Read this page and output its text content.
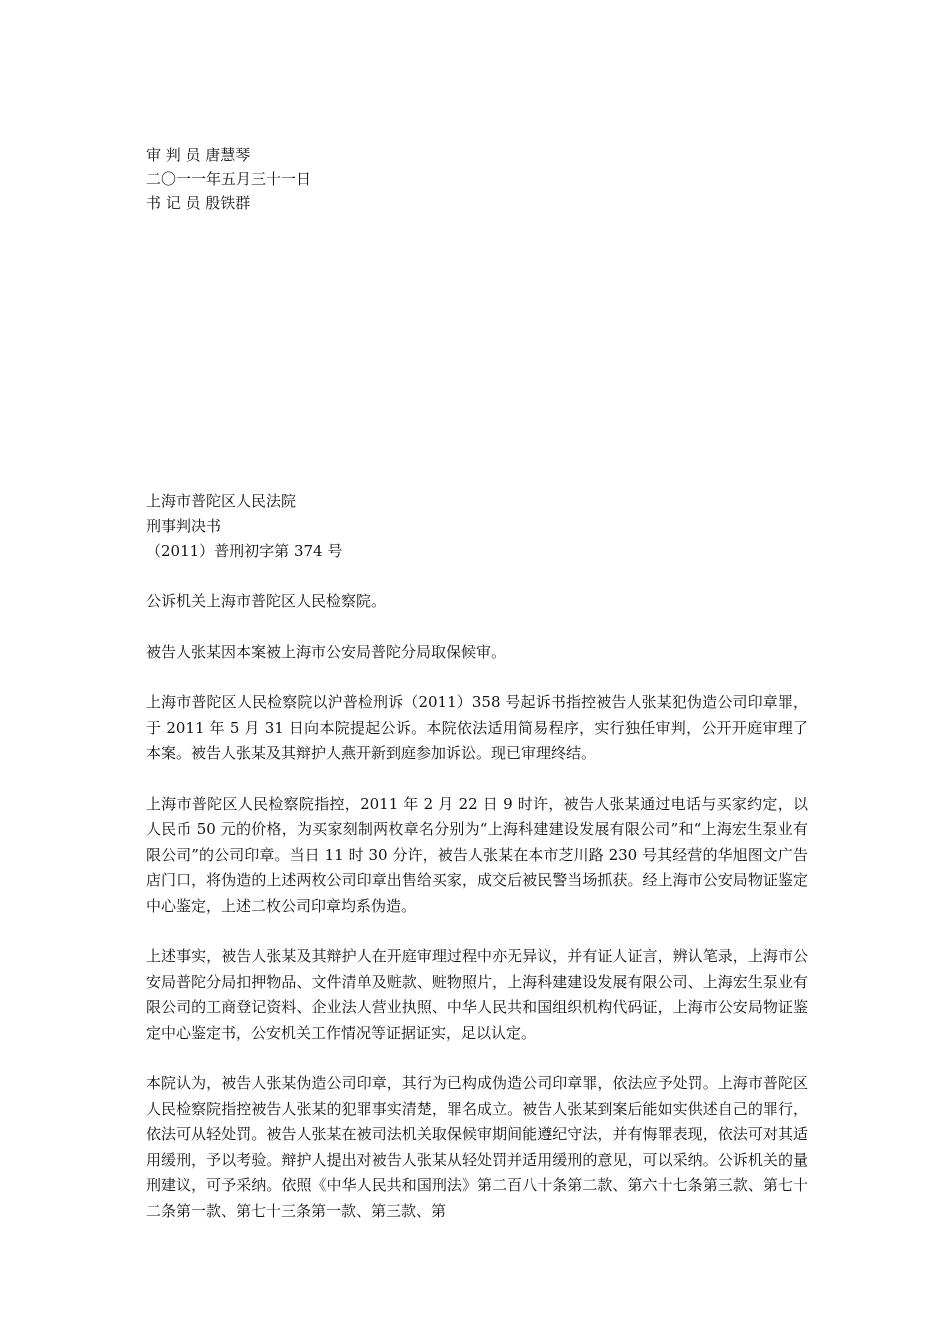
审 判 员 唐慧琴
二〇一一年五月三十一日
书 记 员 殷铁群
上海市普陀区人民法院
刑事判决书
（2011）普刑初字第 374 号

公诉机关上海市普陀区人民检察院。

被告人张某因本案被上海市公安局普陀分局取保候审。

上海市普陀区人民检察院以沪普检刑诉（2011）358 号起诉书指控被告人张某犯伪造公司印章罪，于 2011 年 5 月 31 日向本院提起公诉。本院依法适用简易程序，实行独任审判，公开开庭审理了本案。被告人张某及其辩护人燕开新到庭参加诉讼。现已审理终结。

上海市普陀区人民检察院指控，2011 年 2 月 22 日 9 时许，被告人张某通过电话与买家约定，以人民币 50 元的价格，为买家刻制两枚章名分别为“上海科建建设发展有限公司”和“上海宏生泵业有限公司”的公司印章。当日 11 时 30 分许，被告人张某在本市芝川路 230 号其经营的华旭图文广告店门口，将伪造的上述两枚公司印章出售给买家，成交后被民警当场抓获。经上海市公安局物证鉴定中心鉴定，上述二枚公司印章均系伪造。

上述事实，被告人张某及其辩护人在开庭审理过程中亦无异议，并有证人证言，辨认笔录，上海市公安局普陀分局扣押物品、文件清单及赃款、赃物照片，上海科建建设发展有限公司、上海宏生泵业有限公司的工商登记资料、企业法人营业执照、中华人民共和国组织机构代码证，上海市公安局物证鉴定中心鉴定书，公安机关工作情况等证据证实，足以认定。

本院认为，被告人张某伪造公司印章，其行为已构成伪造公司印章罪，依法应予处罚。上海市普陀区人民检察院指控被告人张某的犯罪事实清楚，罪名成立。被告人张某到案后能如实供述自己的罪行，依法可从轻处罚。被告人张某在被司法机关取保候审期间能遵纪守法，并有悔罪表现，依法可对其适用缓刑，予以考验。辩护人提出对被告人张某从轻处罚并适用缓刑的意见，可以采纳。公诉机关的量刑建议，可予采纳。依照《中华人民共和国刑法》第二百八十条第二款、第六十七条第三款、第七十二条第一款、第七十三条第一款、第三款、第
